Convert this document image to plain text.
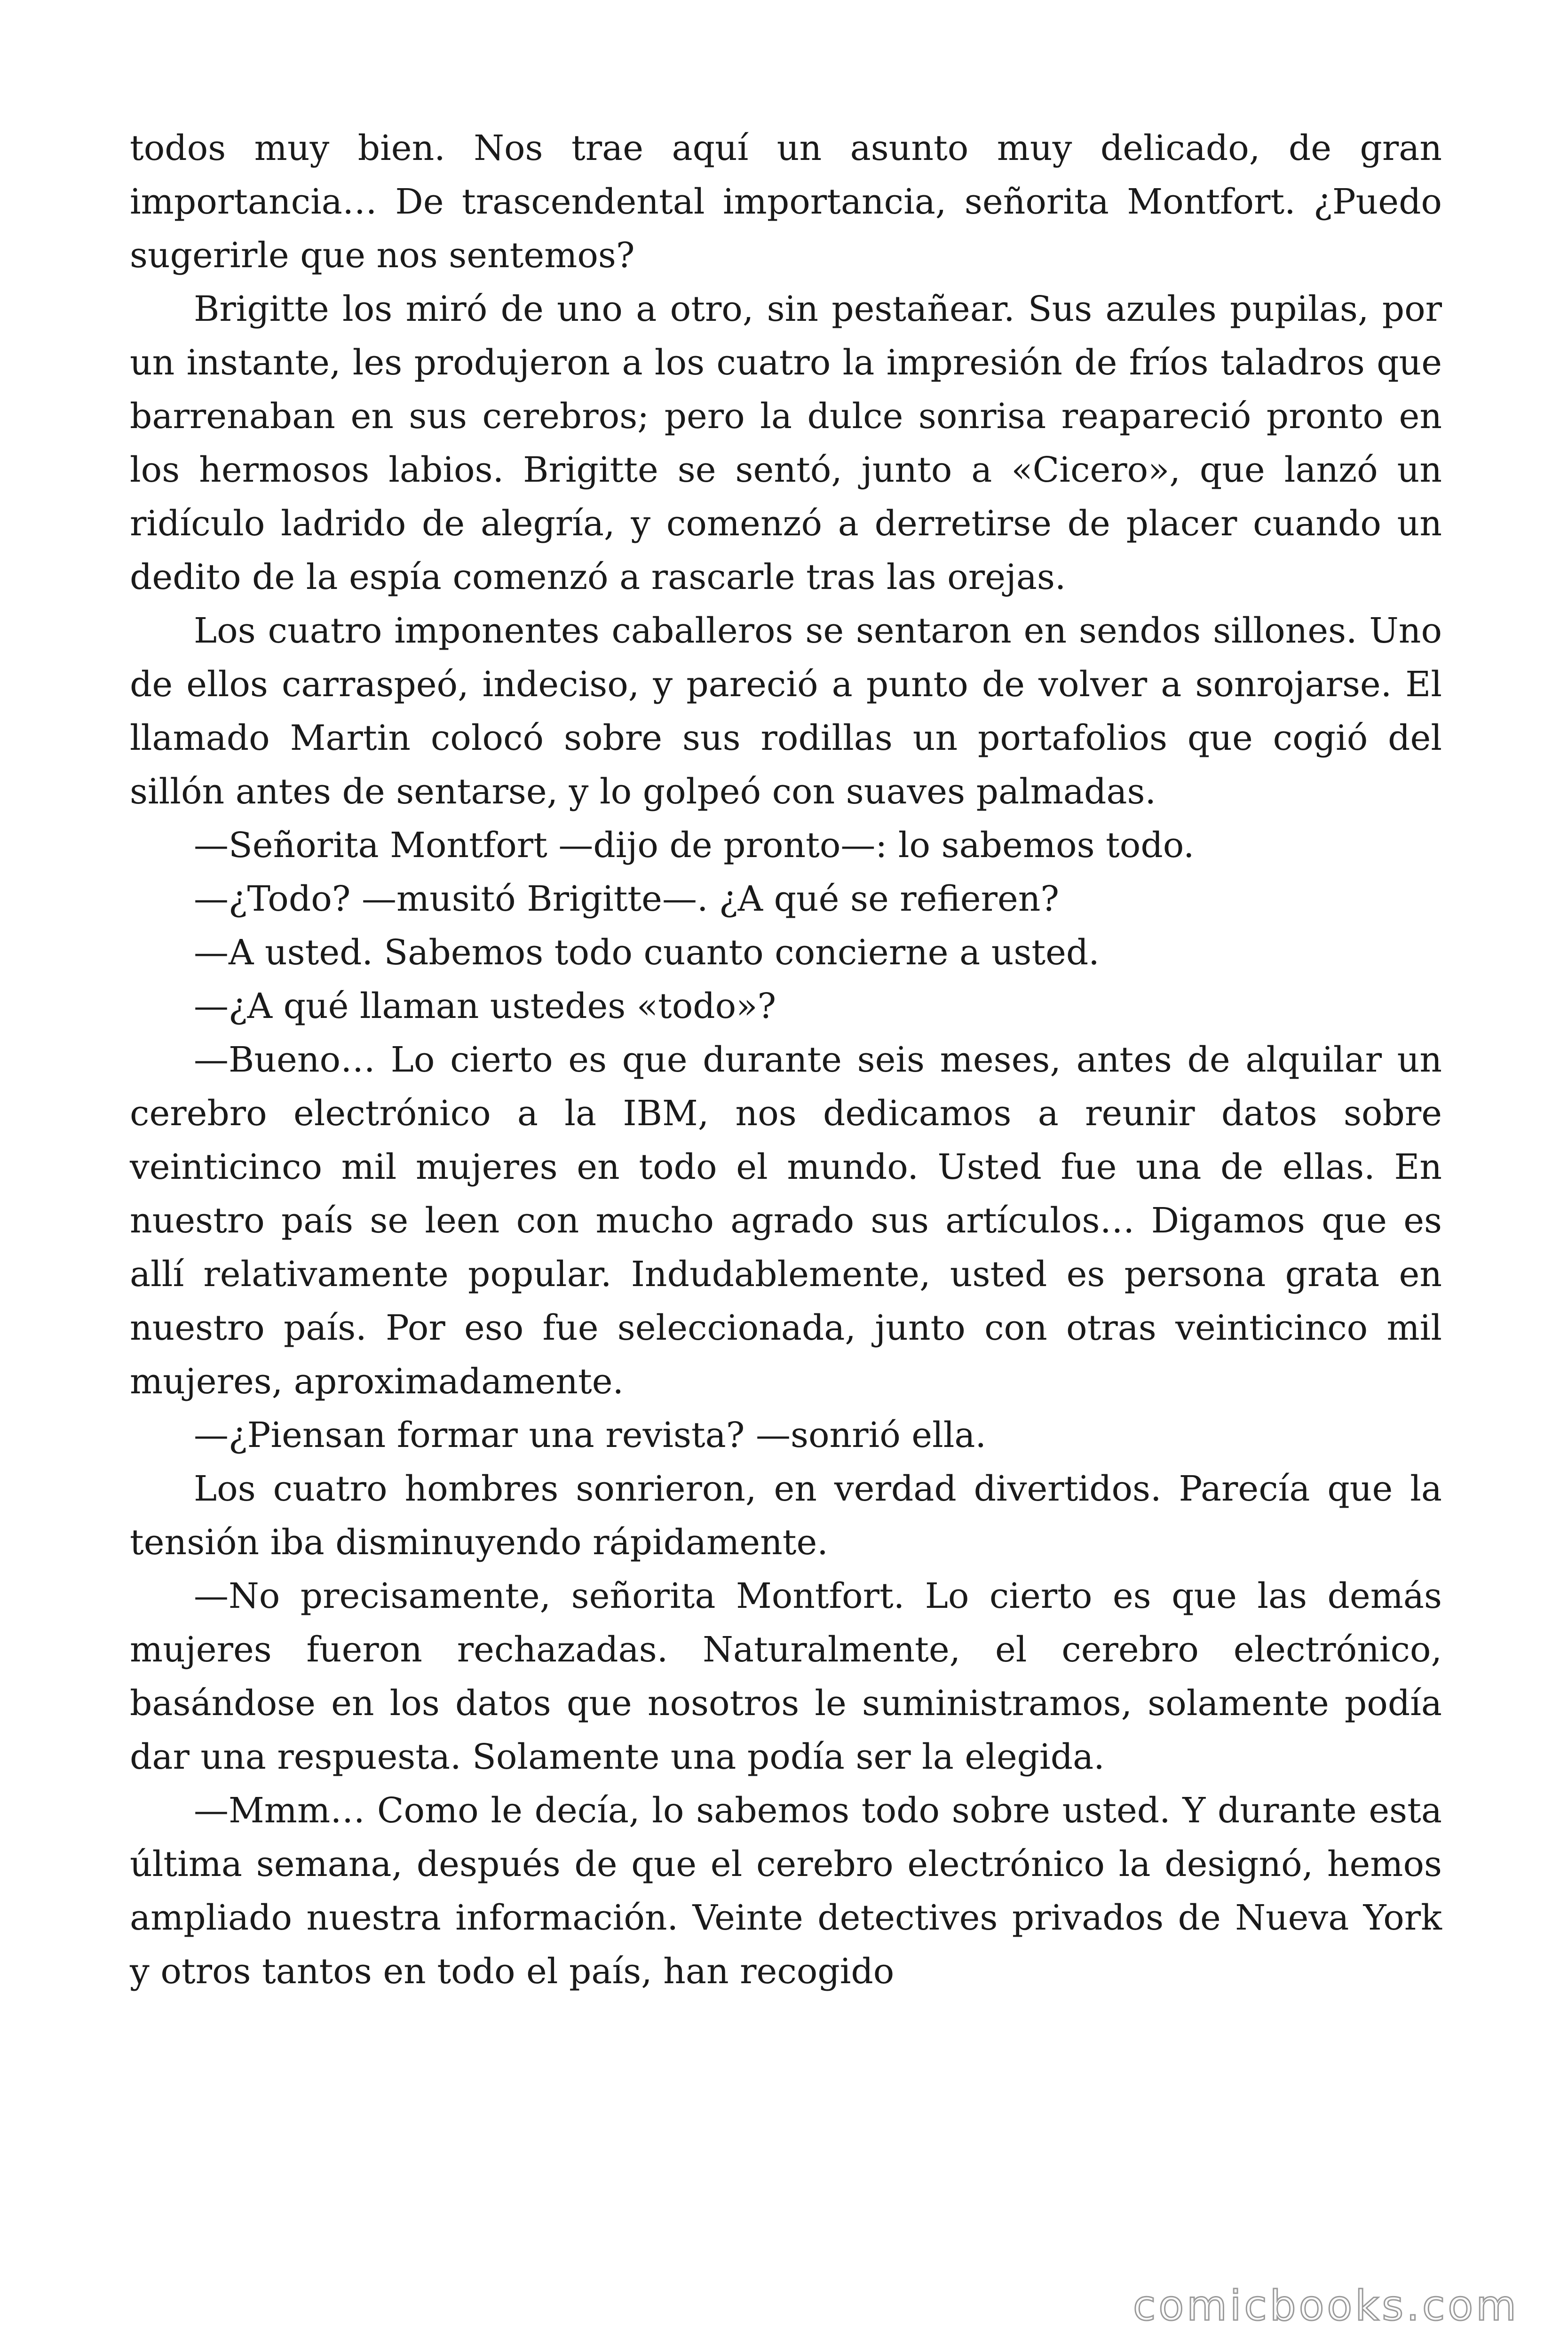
todos muy bien. Nos trae aquí un asunto muy delicado, de gran importancia… De trascendental importancia, señorita Montfort. ¿Puedo sugerirle que nos sentemos?

Brigitte los miró de uno a otro, sin pestañear. Sus azules pupilas, por un instante, les produjeron a los cuatro la impresión de fríos taladros que barrenaban en sus cerebros; pero la dulce sonrisa reapareció pronto en los hermosos labios. Brigitte se sentó, junto a «Cicero», que lanzó un ridículo ladrido de alegría, y comenzó a derretirse de placer cuando un dedito de la espía comenzó a rascarle tras las orejas.

Los cuatro imponentes caballeros se sentaron en sendos sillones. Uno de ellos carraspeó, indeciso, y pareció a punto de volver a sonrojarse. El llamado Martin colocó sobre sus rodillas un portafolios que cogió del sillón antes de sentarse, y lo golpeó con suaves palmadas.

—Señorita Montfort —dijo de pronto—: lo sabemos todo.

—¿Todo? —musitó Brigitte—. ¿A qué se refieren?

—A usted. Sabemos todo cuanto concierne a usted.

—¿A qué llaman ustedes «todo»?

—Bueno… Lo cierto es que durante seis meses, antes de alquilar un cerebro electrónico a la IBM, nos dedicamos a reunir datos sobre veinticinco mil mujeres en todo el mundo. Usted fue una de ellas. En nuestro país se leen con mucho agrado sus artículos… Digamos que es allí relativamente popular. Indudablemente, usted es persona grata en nuestro país. Por eso fue seleccionada, junto con otras veinticinco mil mujeres, aproximadamente.

—¿Piensan formar una revista? —sonrió ella.

Los cuatro hombres sonrieron, en verdad divertidos. Parecía que la tensión iba disminuyendo rápidamente.

—No precisamente, señorita Montfort. Lo cierto es que las demás mujeres fueron rechazadas. Naturalmente, el cerebro electrónico, basándose en los datos que nosotros le suministramos, solamente podía dar una respuesta. Solamente una podía ser la elegida.

—Mmm… Como le decía, lo sabemos todo sobre usted. Y durante esta última semana, después de que el cerebro electrónico la designó, hemos ampliado nuestra información. Veinte detectives privados de Nueva York y otros tantos en todo el país, han recogido

comicbooks.com
